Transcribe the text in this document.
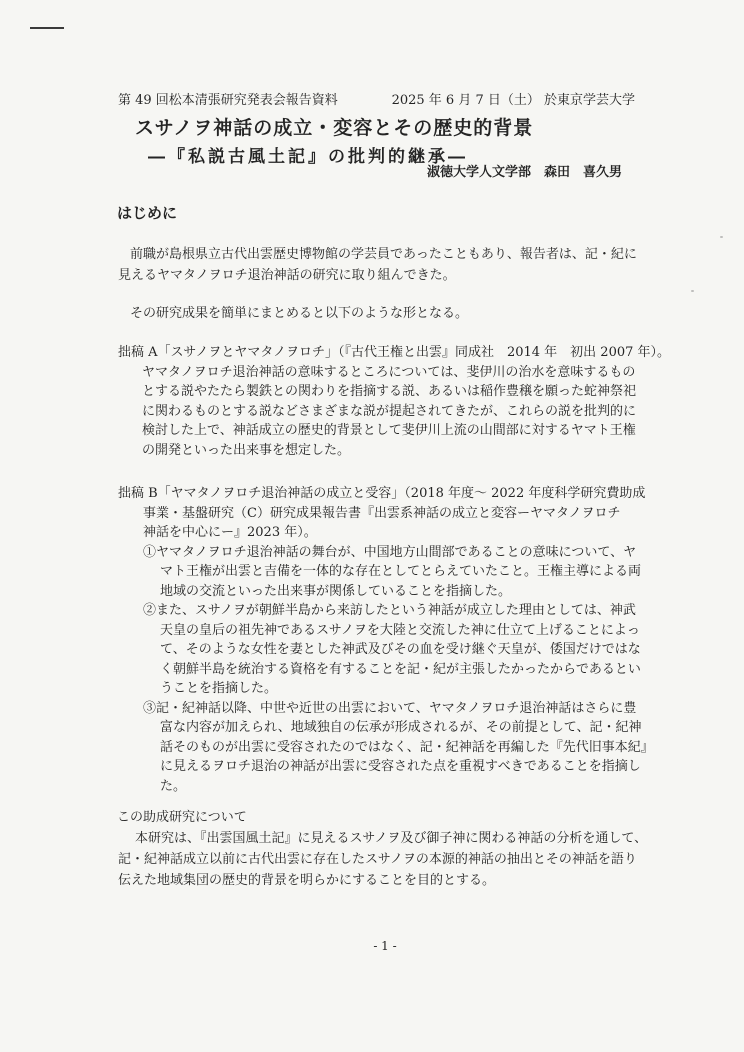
第 49 回松本清張研究発表会報告資料	2025 年 6 月 7 日（土） 於東京学芸大学
スサノヲ神話の成立・変容とその歴史的背景
―『私説古風土記』の批判的継承―
淑徳大学人文学部　森田　喜久男
はじめに
前職が島根県立古代出雲歴史博物館の学芸員であったこともあり、報告者は、記・紀に
見えるヤマタノヲロチ退治神話の研究に取り組んできた。
その研究成果を簡単にまとめると以下のような形となる。
拙稿 A「スサノヲとヤマタノヲロチ」（『古代王権と出雲』同成社　2014 年　初出 2007 年）。
ヤマタノヲロチ退治神話の意味するところについては、斐伊川の治水を意味するもの
とする説やたたら製鉄との関わりを指摘する説、あるいは稲作豊穣を願った蛇神祭祀
に関わるものとする説などさまざまな説が提起されてきたが、これらの説を批判的に
検討した上で、神話成立の歴史的背景として斐伊川上流の山間部に対するヤマト王権
の開発といった出来事を想定した。
拙稿 B「ヤマタノヲロチ退治神話の成立と受容」（2018 年度～ 2022 年度科学研究費助成
事業・基盤研究（C）研究成果報告書『出雲系神話の成立と変容ーヤマタノヲロチ
神話を中心にー』2023 年）。
①ヤマタノヲロチ退治神話の舞台が、中国地方山間部であることの意味について、ヤ
マト王権が出雲と吉備を一体的な存在としてとらえていたこと。王権主導による両
地域の交流といった出来事が関係していることを指摘した。
②また、スサノヲが朝鮮半島から来訪したという神話が成立した理由としては、神武
天皇の皇后の祖先神であるスサノヲを大陸と交流した神に仕立て上げることによっ
て、そのような女性を妻とした神武及びその血を受け継ぐ天皇が、倭国だけではな
く朝鮮半島を統治する資格を有することを記・紀が主張したかったからであるとい
うことを指摘した。
③記・紀神話以降、中世や近世の出雲において、ヤマタノヲロチ退治神話はさらに豊
富な内容が加えられ、地域独自の伝承が形成されるが、その前提として、記・紀神
話そのものが出雲に受容されたのではなく、記・紀神話を再編した『先代旧事本紀』
に見えるヲロチ退治の神話が出雲に受容された点を重視すべきであることを指摘し
た。
この助成研究について
本研究は、『出雲国風土記』に見えるスサノヲ及び御子神に関わる神話の分析を通して、
記・紀神話成立以前に古代出雲に存在したスサノヲの本源的神話の抽出とその神話を語り
伝えた地域集団の歴史的背景を明らかにすることを目的とする。
- 1 -
